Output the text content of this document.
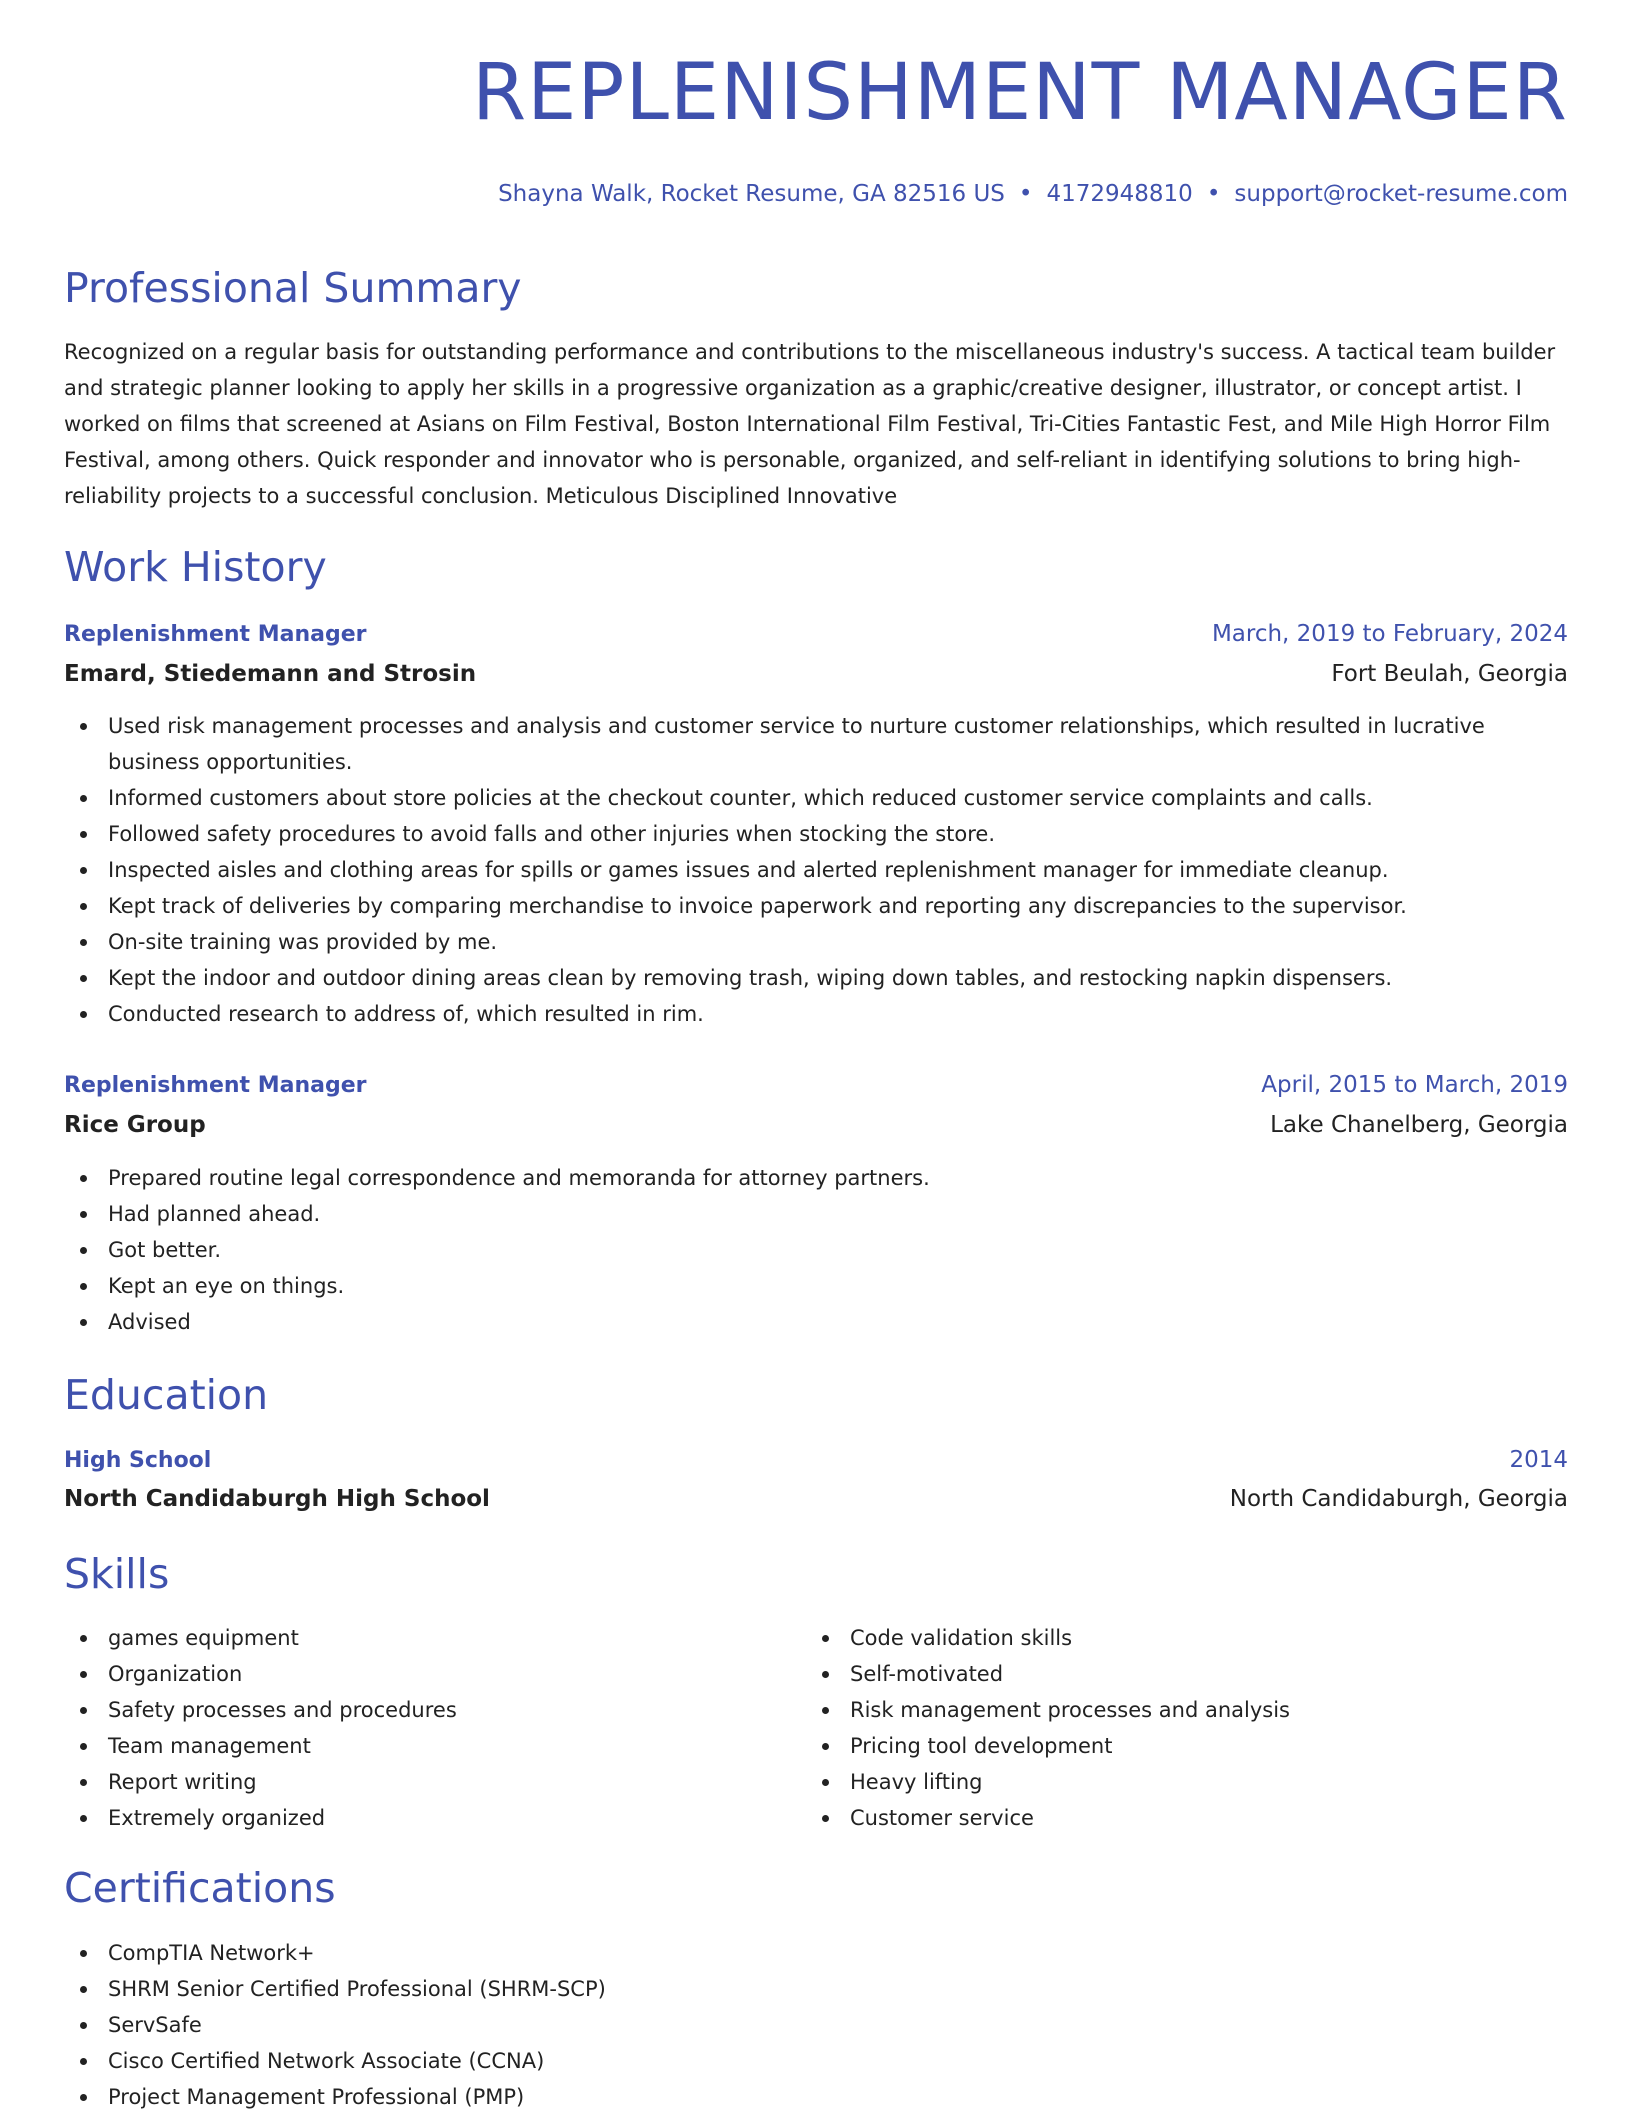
REPLENISHMENT MANAGER
Shayna Walk, Rocket Resume, GA 82516 US • 4172948810 • support@rocket-resume.com
Professional Summary

Recognized on a regular basis for outstanding performance and contributions to the miscellaneous industry's success. A tactical team builder and strategic planner looking to apply her skills in a progressive organization as a graphic/creative designer, illustrator, or concept artist. I worked on films that screened at Asians on Film Festival, Boston International Film Festival, Tri-Cities Fantastic Fest, and Mile High Horror Film Festival, among others. Quick responder and innovator who is personable, organized, and self-reliant in identifying solutions to bring high-reliability projects to a successful conclusion. Meticulous Disciplined Innovative

Work History
Replenishment Manager	March, 2019 to February, 2024
Emard, Stiedemann and Strosin	Fort Beulah, Georgia
Used risk management processes and analysis and customer service to nurture customer relationships, which resulted in lucrative business opportunities.
Informed customers about store policies at the checkout counter, which reduced customer service complaints and calls.
Followed safety procedures to avoid falls and other injuries when stocking the store.
Inspected aisles and clothing areas for spills or games issues and alerted replenishment manager for immediate cleanup.
Kept track of deliveries by comparing merchandise to invoice paperwork and reporting any discrepancies to the supervisor.
On-site training was provided by me.
Kept the indoor and outdoor dining areas clean by removing trash, wiping down tables, and restocking napkin dispensers.
Conducted research to address of, which resulted in rim.
Replenishment Manager	April, 2015 to March, 2019
Rice Group	Lake Chanelberg, Georgia
Prepared routine legal correspondence and memoranda for attorney partners.
Had planned ahead.
Got better.
Kept an eye on things.
Advised
Education
High School	2014
North Candidaburgh High School	North Candidaburgh, Georgia
Skills
games equipment
Organization
Safety processes and procedures
Team management
Report writing
Extremely organized
Code validation skills
Self-motivated
Risk management processes and analysis
Pricing tool development
Heavy lifting
Customer service
Certifications
CompTIA Network+
SHRM Senior Certified Professional (SHRM-SCP)
ServSafe
Cisco Certified Network Associate (CCNA)
Project Management Professional (PMP)
